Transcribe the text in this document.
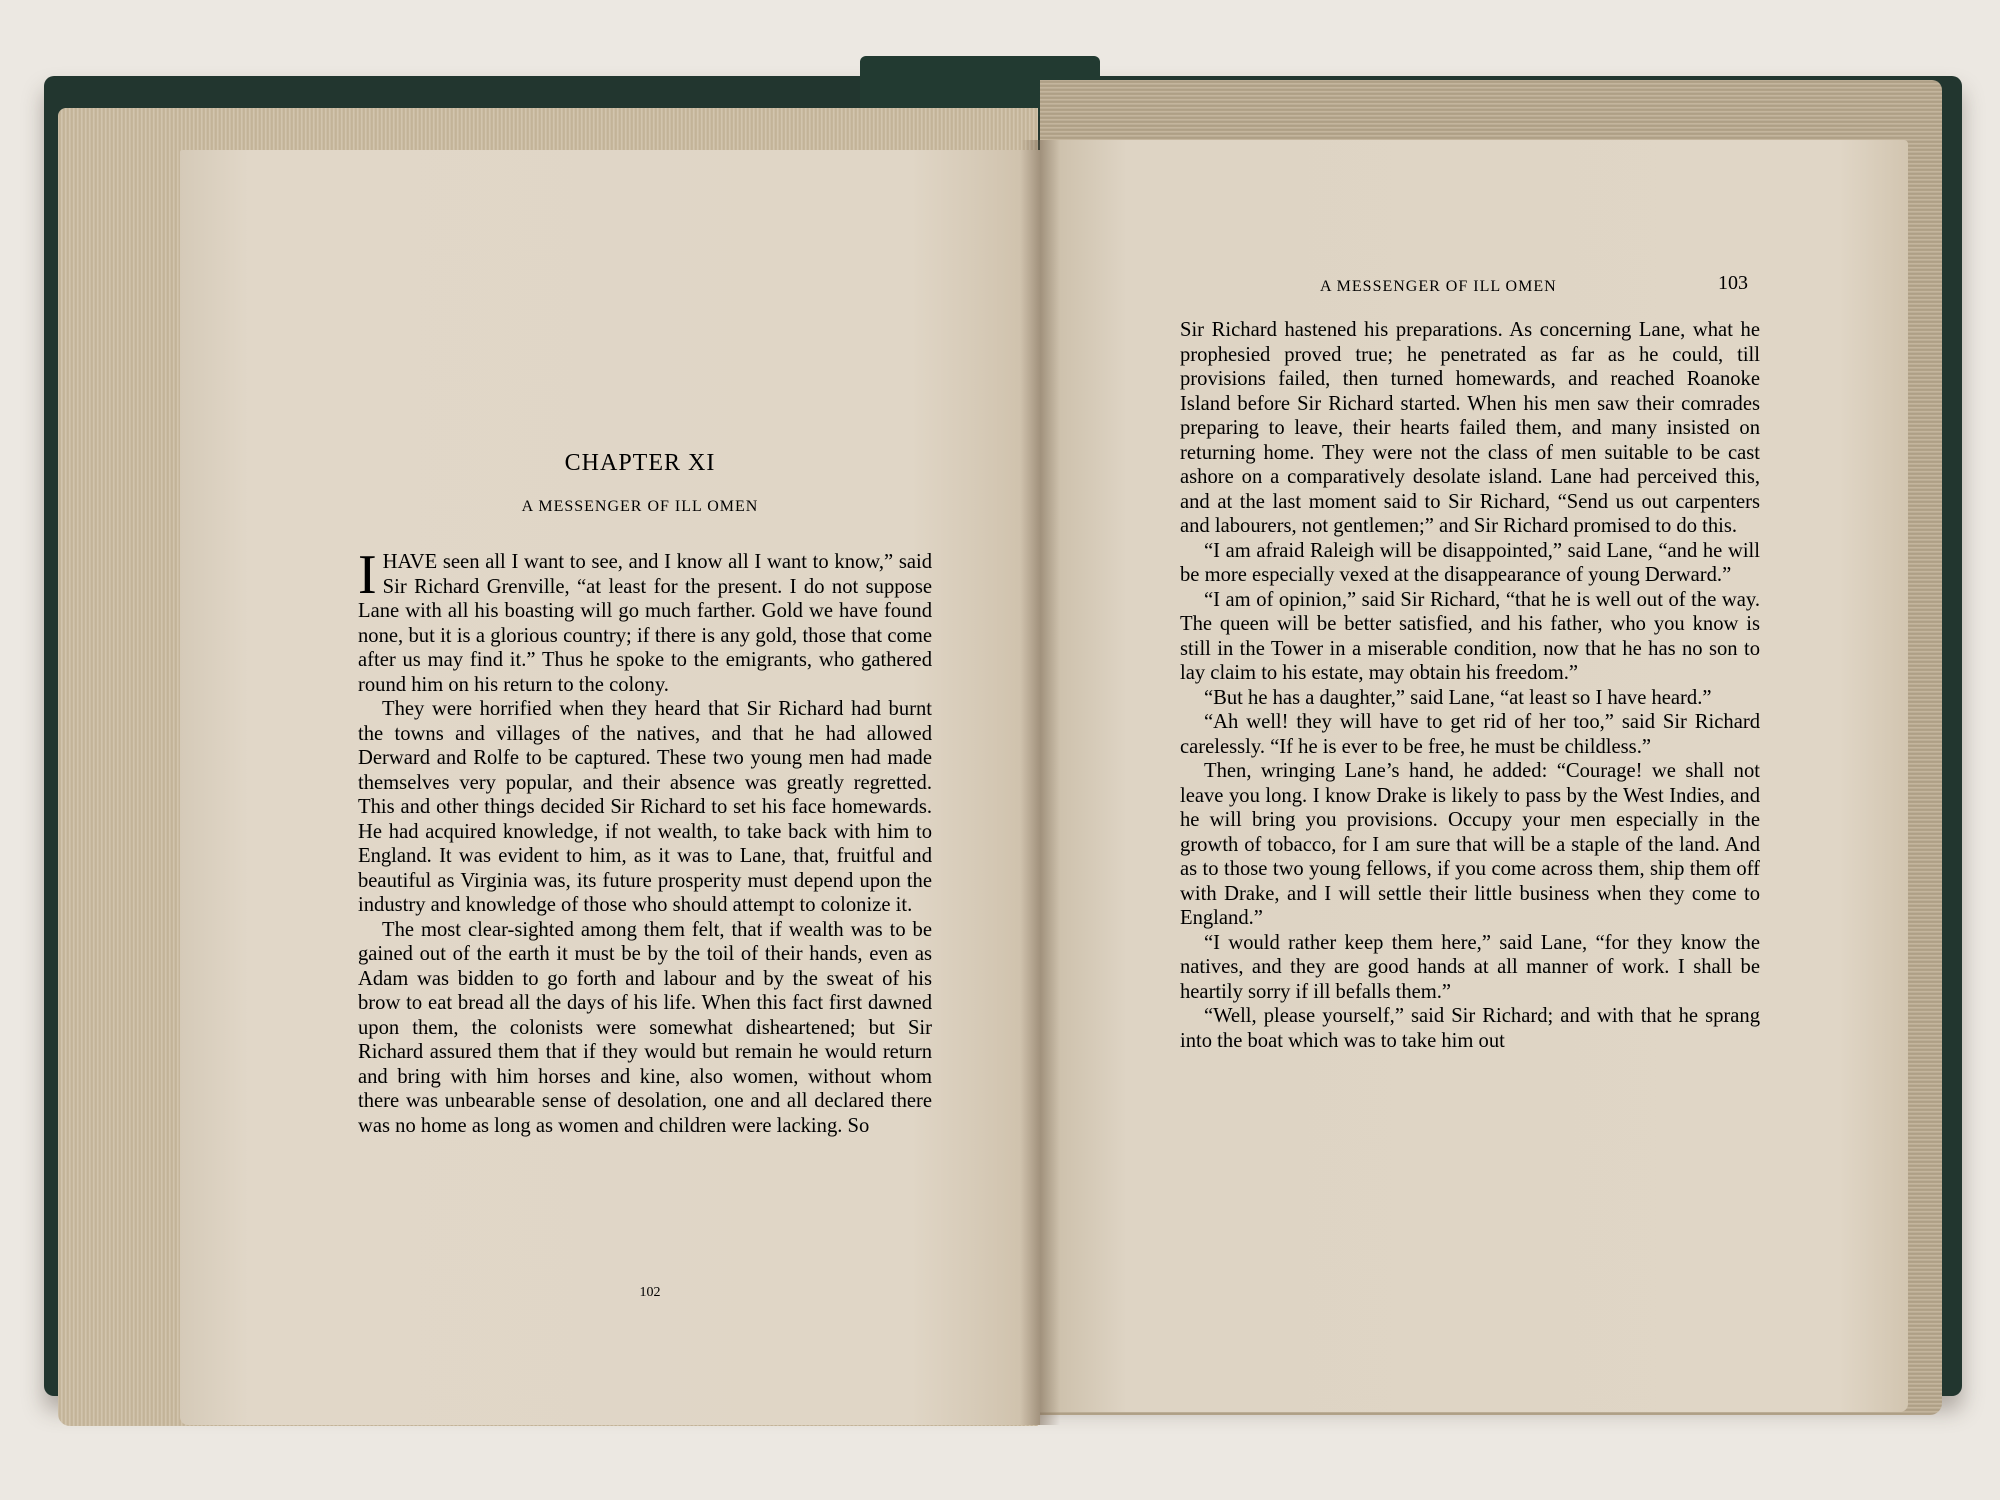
CHAPTER XI
A MESSENGER OF ILL OMEN

IHAVE seen all I want to see, and I know all I want to know,” said Sir Richard Grenville, “at least for the present. I do not suppose Lane with all his boasting will go much farther. Gold we have found none, but it is a glorious country; if there is any gold, those that come after us may find it.” Thus he spoke to the emigrants, who gathered round him on his return to the colony.

They were horrified when they heard that Sir Richard had burnt the towns and villages of the natives, and that he had allowed Derward and Rolfe to be captured. These two young men had made themselves very popular, and their absence was greatly regretted. This and other things decided Sir Richard to set his face homewards. He had acquired knowledge, if not wealth, to take back with him to England. It was evident to him, as it was to Lane, that, fruitful and beautiful as Virginia was, its future prosperity must depend upon the industry and knowledge of those who should attempt to colonize it.

The most clear-sighted among them felt, that if wealth was to be gained out of the earth it must be by the toil of their hands, even as Adam was bidden to go forth and labour and by the sweat of his brow to eat bread all the days of his life. When this fact first dawned upon them, the colonists were somewhat disheartened; but Sir Richard assured them that if they would but remain he would return and bring with him horses and kine, also women, without whom there was unbearable sense of desolation, one and all declared there was no home as long as women and children were lacking. So

102
A MESSENGER OF ILL OMEN	103

Sir Richard hastened his preparations. As concerning Lane, what he prophesied proved true; he penetrated as far as he could, till provisions failed, then turned homewards, and reached Roanoke Island before Sir Richard started. When his men saw their comrades preparing to leave, their hearts failed them, and many insisted on returning home. They were not the class of men suitable to be cast ashore on a comparatively desolate island. Lane had perceived this, and at the last moment said to Sir Richard, “Send us out carpenters and labourers, not gentlemen;” and Sir Richard promised to do this.

“I am afraid Raleigh will be disappointed,” said Lane, “and he will be more especially vexed at the disappearance of young Derward.”

“I am of opinion,” said Sir Richard, “that he is well out of the way. The queen will be better satisfied, and his father, who you know is still in the Tower in a miserable condition, now that he has no son to lay claim to his estate, may obtain his freedom.”

“But he has a daughter,” said Lane, “at least so I have heard.”

“Ah well! they will have to get rid of her too,” said Sir Richard carelessly. “If he is ever to be free, he must be childless.”

Then, wringing Lane’s hand, he added: “Courage! we shall not leave you long. I know Drake is likely to pass by the West Indies, and he will bring you provisions. Occupy your men especially in the growth of tobacco, for I am sure that will be a staple of the land. And as to those two young fellows, if you come across them, ship them off with Drake, and I will settle their little business when they come to England.”

“I would rather keep them here,” said Lane, “for they know the natives, and they are good hands at all manner of work. I shall be heartily sorry if ill befalls them.”

“Well, please yourself,” said Sir Richard; and with that he sprang into the boat which was to take him out
